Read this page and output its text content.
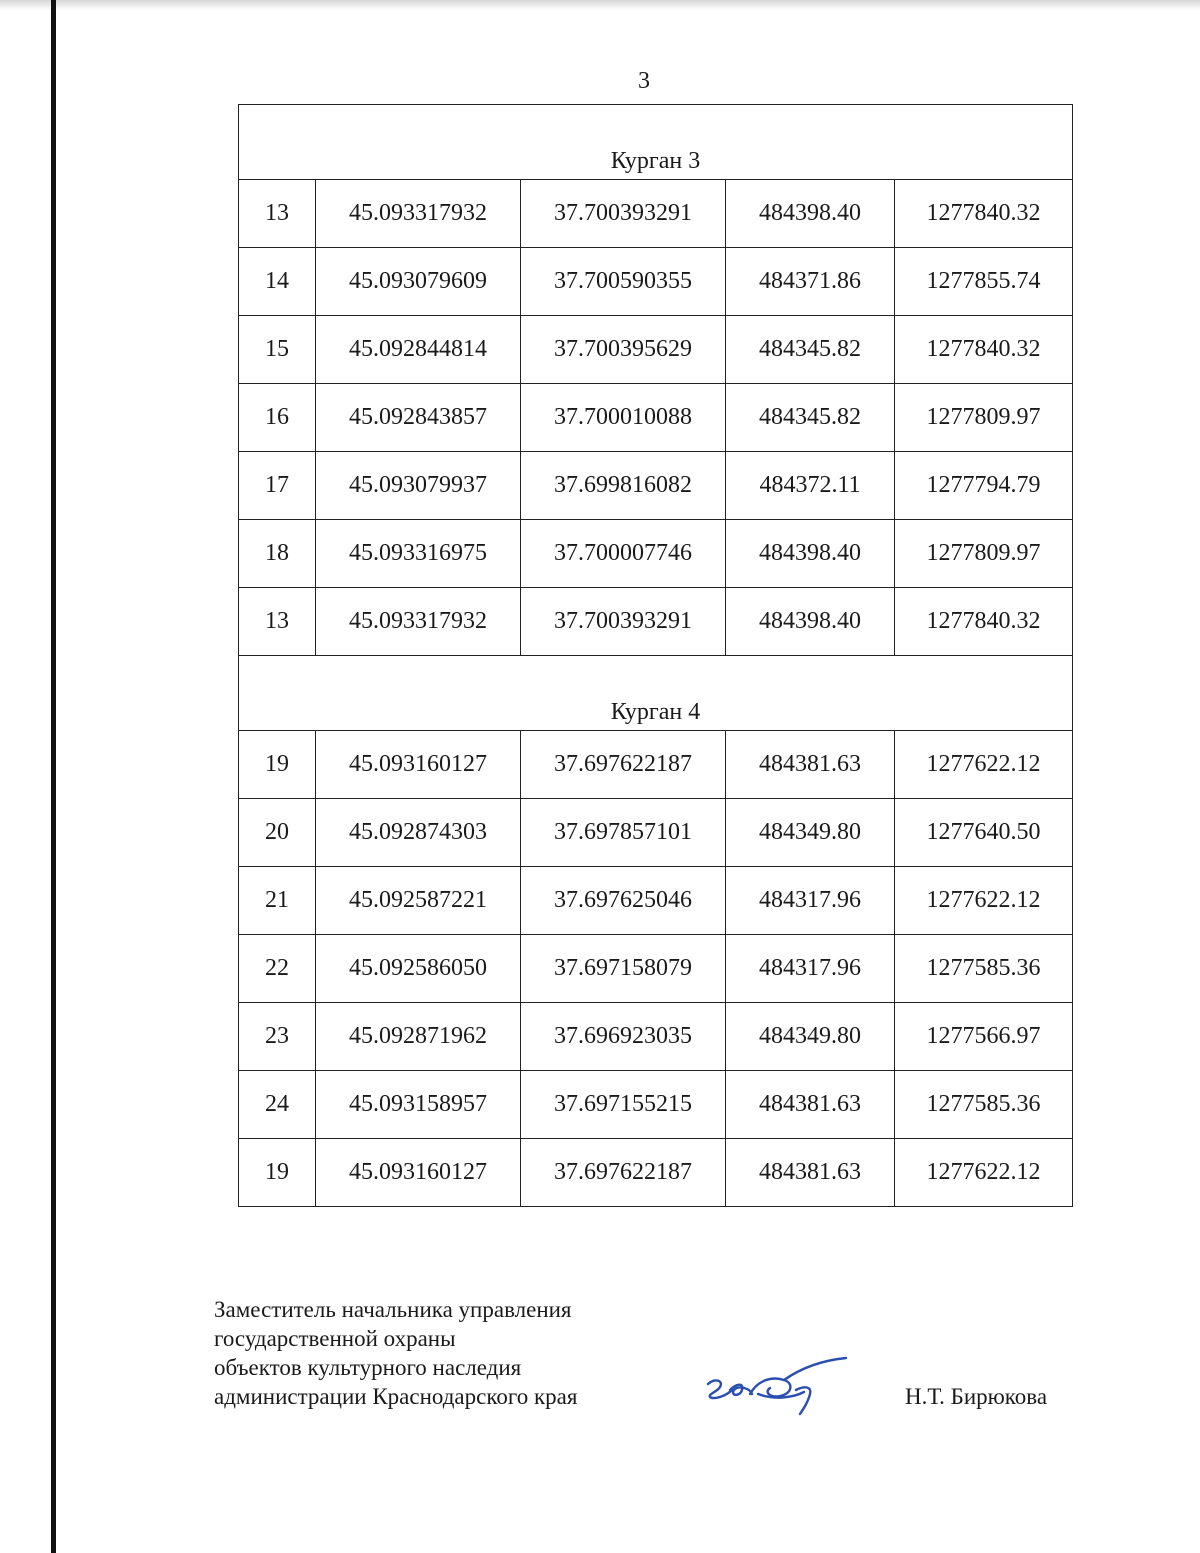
3
Курган 3				
13	45.093317932	37.700393291	484398.40	1277840.32
14	45.093079609	37.700590355	484371.86	1277855.74
15	45.092844814	37.700395629	484345.82	1277840.32
16	45.092843857	37.700010088	484345.82	1277809.97
17	45.093079937	37.699816082	484372.11	1277794.79
18	45.093316975	37.700007746	484398.40	1277809.97
13	45.093317932	37.700393291	484398.40	1277840.32
Курган 4				
19	45.093160127	37.697622187	484381.63	1277622.12
20	45.092874303	37.697857101	484349.80	1277640.50
21	45.092587221	37.697625046	484317.96	1277622.12
22	45.092586050	37.697158079	484317.96	1277585.36
23	45.092871962	37.696923035	484349.80	1277566.97
24	45.093158957	37.697155215	484381.63	1277585.36
19	45.093160127	37.697622187	484381.63	1277622.12
Заместитель начальника управления
государственной охраны
объектов культурного наследия
администрации Краснодарского края	Н.Т. Бирюкова
